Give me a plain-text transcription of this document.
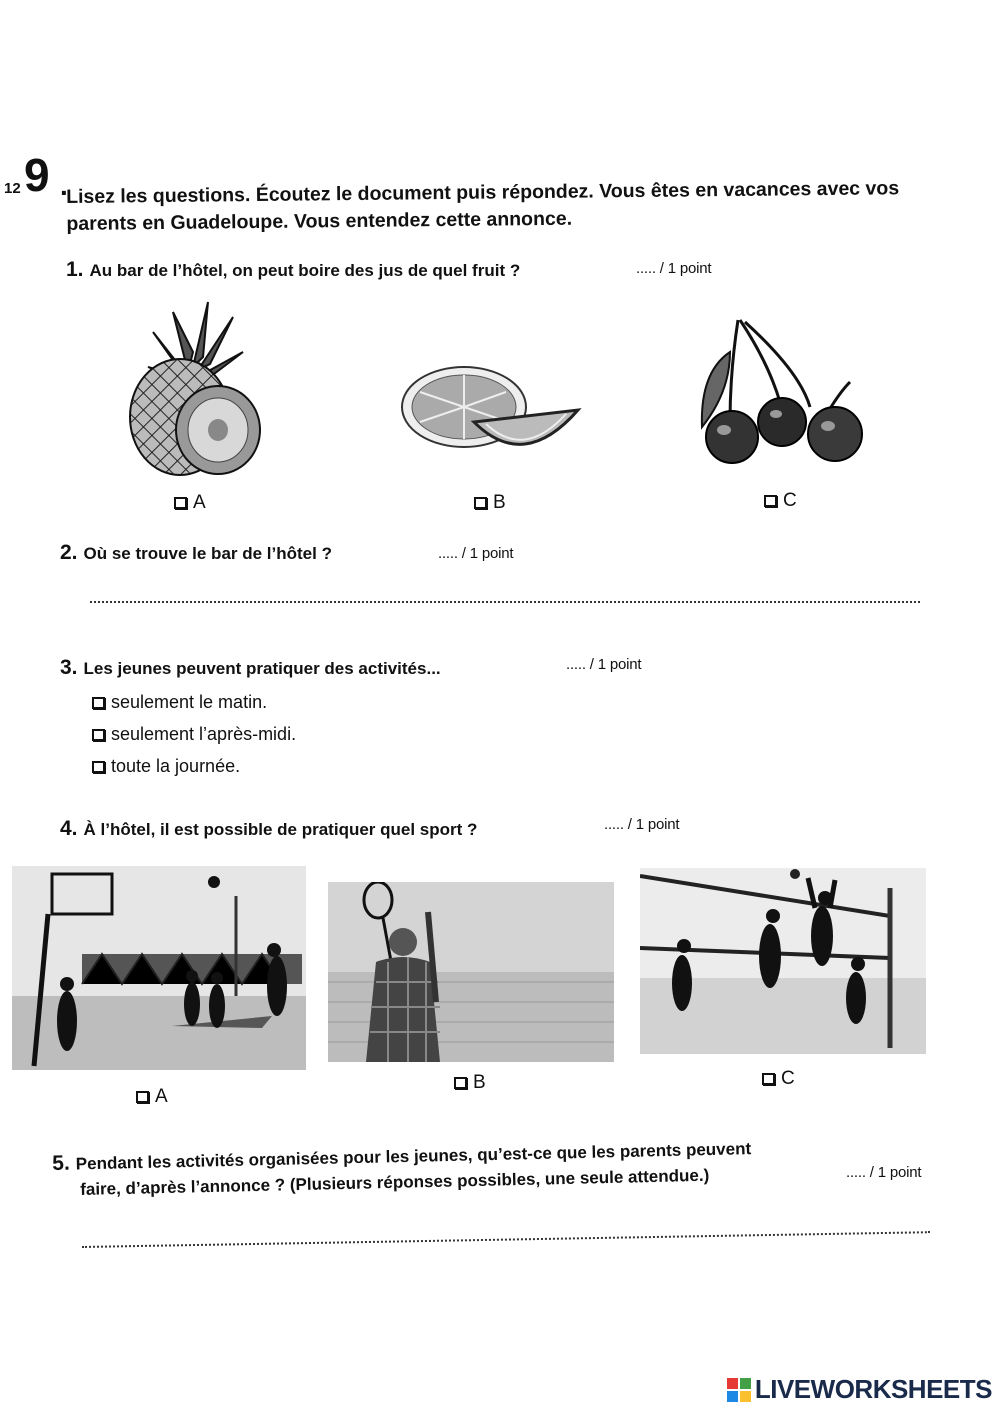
12 9 .
Lisez les questions. Écoutez le document puis répondez. Vous êtes en vacances avec vos parents en Guadeloupe. Vous entendez cette annonce.
1. Au bar de l’hôtel, on peut boire des jus de quel fruit ?	..... / 1 point
A	B	C
2. Où se trouve le bar de l’hôtel ?	..... / 1 point
3. Les jeunes peuvent pratiquer des activités...	..... / 1 point
seulement le matin.
seulement l’après-midi.
toute la journée.
4. À l’hôtel, il est possible de pratiquer quel sport ?	..... / 1 point
A
B	C
5. Pendant les activités organisées pour les jeunes, qu’est-ce que les parents peuvent
faire, d’après l’annonce ? (Plusieurs réponses possibles, une seule attendue.)	..... / 1 point
LIVEWORKSHEETS
